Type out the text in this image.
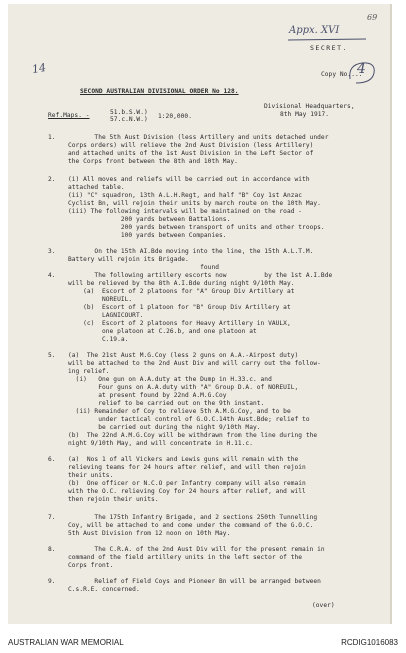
69
Appx. XVI
SECRET.
14	Copy No....
4
SECOND AUSTRALIAN DIVISIONAL ORDER No 128.
Ref.Maps. -	51.b.S.W.)
57.c.N.W.) 1:20,000.
Divisional Headquarters,
8th May 1917.
1. The 5th Aust Division (less Artillery and units detached under
Corps orders) will relieve the 2nd Aust Division (less Artillery)
and attached units of the 1st Aust Division in the Left Sector of
the Corps front between the 8th and 10th May.
2. (i) All moves and reliefs will be carried out in accordance with
attached table.
(ii) "C" squadron, 13th A.L.H.Regt, and half "B" Coy 1st Anzac
Cyclist Bn, will rejoin their units by march route on the 10th May.
(iii) The following intervals will be maintained on the road -
200 yards between Battalions.
200 yards between transport of units and other troops.
100 yards between Companies.
3. On the 15th AI.Bde moving into the line, the 15th A.L.T.M.
Battery will rejoin its Brigade.
found
4. The following artillery escorts now          by the 1st A.I.Bde
will be relieved by the 8th A.I.Bde during night 9/10th May.
(a)  Escort of 2 platoons for "A" Group Div Artillery at
NOREUIL.
(b)  Escort of 1 platoon for "B" Group Div Artillery at
LAGNICOURT.
(c)  Escort of 2 platoons for Heavy Artillery in VAULX,
one platoon at C.26.b, and one platoon at
C.19.a.
5. (a)  The 21st Aust M.G.Coy (less 2 guns on A.A.-Airpost duty)
will be attached to the 2nd Aust Div and will carry out the follow-
ing relief.
(i)   One gun on A.A.duty at the Dump in H.33.c. and
Four guns on A.A.duty with "A" Group D.A. of NOREUIL,
at present found by 22nd A.M.G.Coy
relief to be carried out on the 9th instant.
(ii) Remainder of Coy to relieve 5th A.M.G.Coy, and to be
under tactical control of G.O.C.14th Aust.Bde; relief to
be carried out during the night 9/10th May.
(b)  The 22nd A.M.G.Coy will be withdrawn from the line during the
night 9/10th May, and will concentrate in H.11.c.
6. (a)  Nos 1 of all Vickers and Lewis guns will remain with the
relieving teams for 24 hours after relief, and will then rejoin
their units.
(b)  One officer or N.C.O per Infantry company will also remain
with the O.C. relieving Coy for 24 hours after relief, and will
then rejoin their units.
7. The 175th Infantry Brigade, and 2 sections 250th Tunnelling
Coy, will be attached to and come under the command of the G.O.C.
5th Aust Division from 12 noon on 10th May.
8. The C.R.A. of the 2nd Aust Div will for the present remain in
command of the field artillery units in the left sector of the
Corps front.
9. Relief of Field Coys and Pioneer Bn will be arranged between
C.s.R.E. concerned.
(over)
AUSTRALIAN WAR MEMORIAL	RCDIG1016083
